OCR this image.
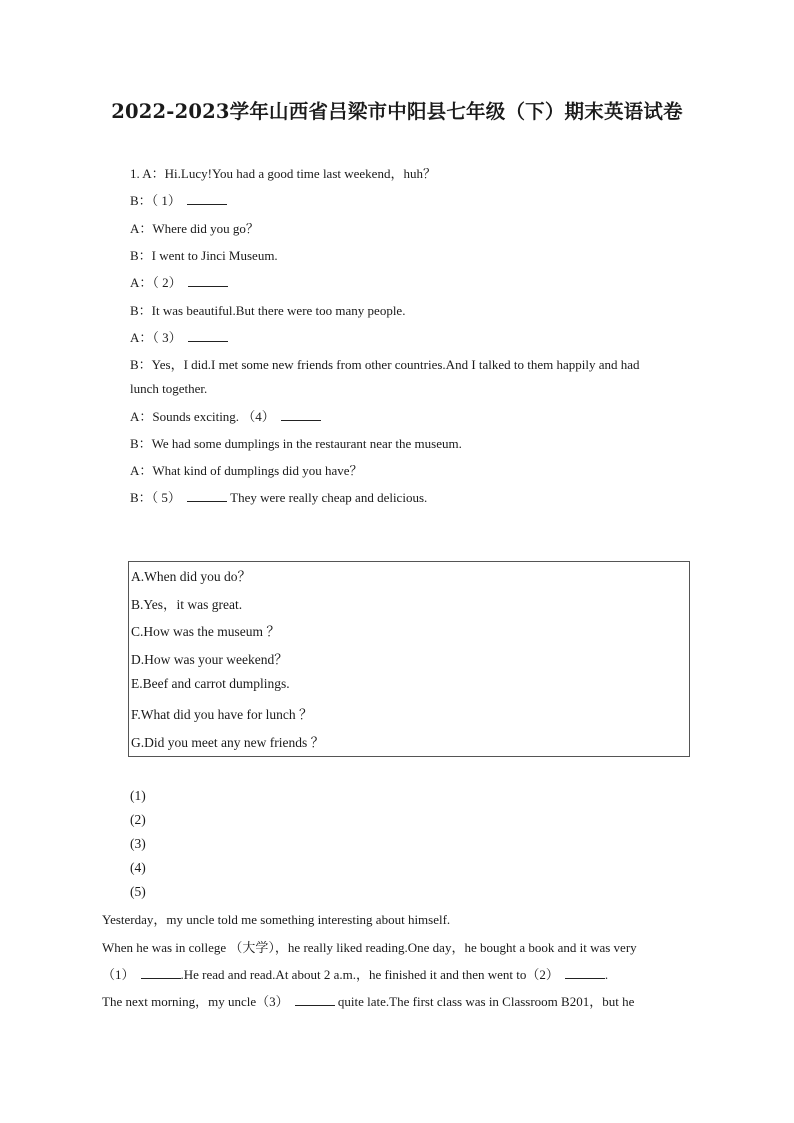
2022-2023学年山西省吕梁市中阳县七年级（下）期末英语试卷
1. A：Hi.Lucy!You had a good time last weekend，huh？
B：（ 1）
A：Where did you go？
B：I went to Jinci Museum.
A：（ 2）
B：It was beautiful.But there were too many people.
A：（ 3）
B：Yes，I did.I met some new friends from other countries.And I talked to them happily and had
lunch together.
A：Sounds exciting. （4）
B：We had some dumplings in the restaurant near the museum.
A：What kind of dumplings did you have？
B：（ 5）	They were really cheap and delicious.
A.When did you do？
B.Yes，it was great.
C.How was the museum ？
D.How was your weekend？
E.Beef and carrot dumplings.
F.What did you have for lunch ？
G.Did you meet any new friends ？
(1)
(2)
(3)
(4)
(5)
Yesterday，my uncle told me something interesting about himself.
When he was in college （大学），he really liked reading.One day，he bought a book and it was very
（1）	.He read and read.At about 2 a.m.，he finished it and then went to（2）	.
The next morning，my uncle（3）	quite late.The first class was in Classroom B201，but he
